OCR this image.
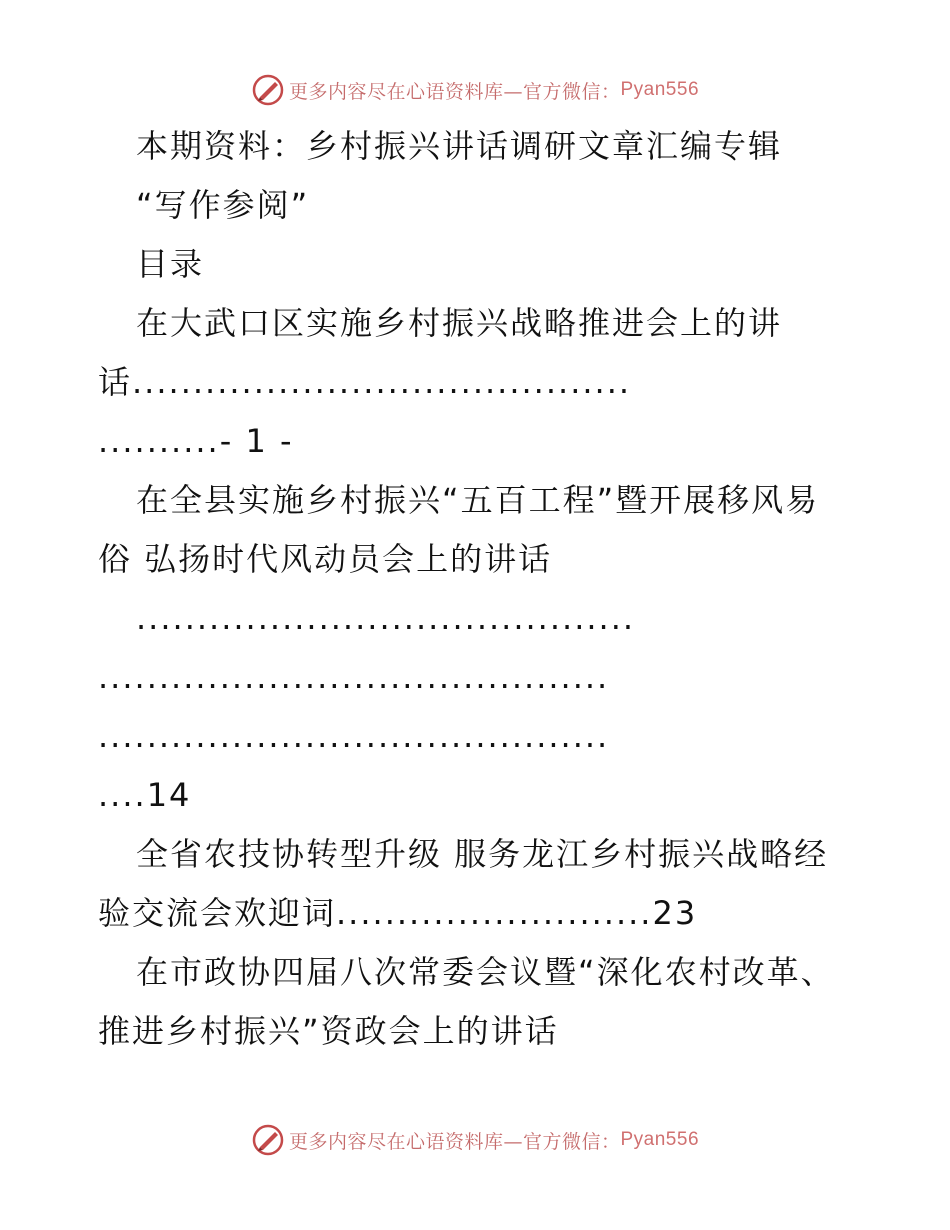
更多内容尽在心语资料库—官方微信： Pyan556
本期资料：乡村振兴讲话调研文章汇编专辑
“写作参阅”
目录
在大武口区实施乡村振兴战略推进会上的讲
话.........................................
..........- 1 -
在全县实施乡村振兴“五百工程”暨开展移风易
俗 弘扬时代风动员会上的讲话
.........................................
..........................................
..........................................
....14
全省农技协转型升级 服务龙江乡村振兴战略经
验交流会欢迎词..........................23
在市政协四届八次常委会议暨“深化农村改革、
推进乡村振兴”资政会上的讲话
更多内容尽在心语资料库—官方微信： Pyan556
